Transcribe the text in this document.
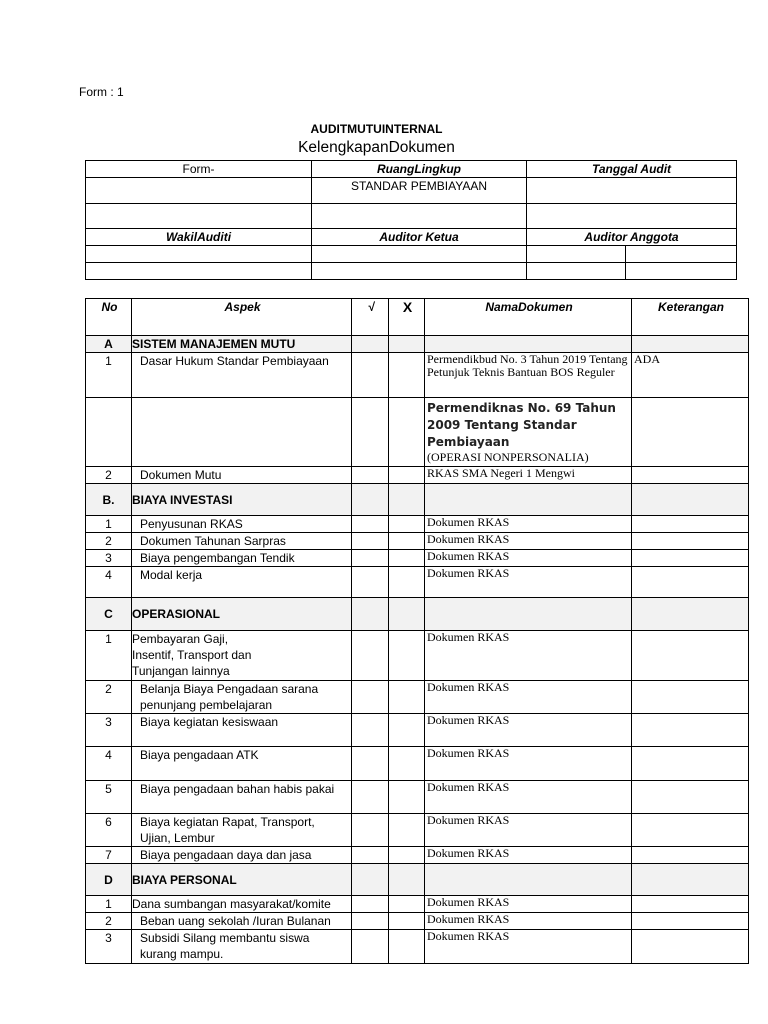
Form : 1
AUDITMUTUINTERNAL
KelengkapanDokumen
Form-	RuangLingkup	Tanggal Audit	
	STANDAR PEMBIAYAAN		

WakilAuditi	Auditor Ketua	Auditor Anggota	

No	Aspek	√	X	NamaDokumen	Keterangan
A	SISTEM MANAJEMEN MUTU				
1	Dasar Hukum Standar Pembiayaan			Permendikbud No. 3 Tahun 2019 Tentang Petunjuk Teknis Bantuan BOS Reguler	ADA

				Permendiknas No. 69 Tahun 2009 Tentang Standar Pembiayaan
(OPERASI NONPERSONALIA)	

2	Dokumen Mutu			RKAS SMA Negeri 1 Mengwi	
B.	BIAYA INVESTASI				
1	Penyusunan RKAS			Dokumen RKAS	
2	Dokumen Tahunan Sarpras			Dokumen RKAS	
3	Biaya pengembangan Tendik			Dokumen RKAS	
4	Modal kerja			Dokumen RKAS	
C	OPERASIONAL				
1	Pembayaran Gaji,
Insentif, Transport dan
Tunjangan lainnya			Dokumen RKAS	
2	Belanja Biaya Pengadaan sarana
penunjang pembelajaran			Dokumen RKAS	
3	Biaya kegiatan kesiswaan			Dokumen RKAS	
4	Biaya pengadaan ATK			Dokumen RKAS	
5	Biaya pengadaan bahan habis pakai			Dokumen RKAS	
6	Biaya kegiatan Rapat, Transport,
Ujian, Lembur			Dokumen RKAS	
7	Biaya pengadaan daya dan jasa			Dokumen RKAS	
D	BIAYA PERSONAL				
1	Dana sumbangan masyarakat/komite			Dokumen RKAS	
2	Beban uang sekolah /Iuran Bulanan			Dokumen RKAS	
3	Subsidi Silang membantu siswa
kurang mampu.			Dokumen RKAS	
